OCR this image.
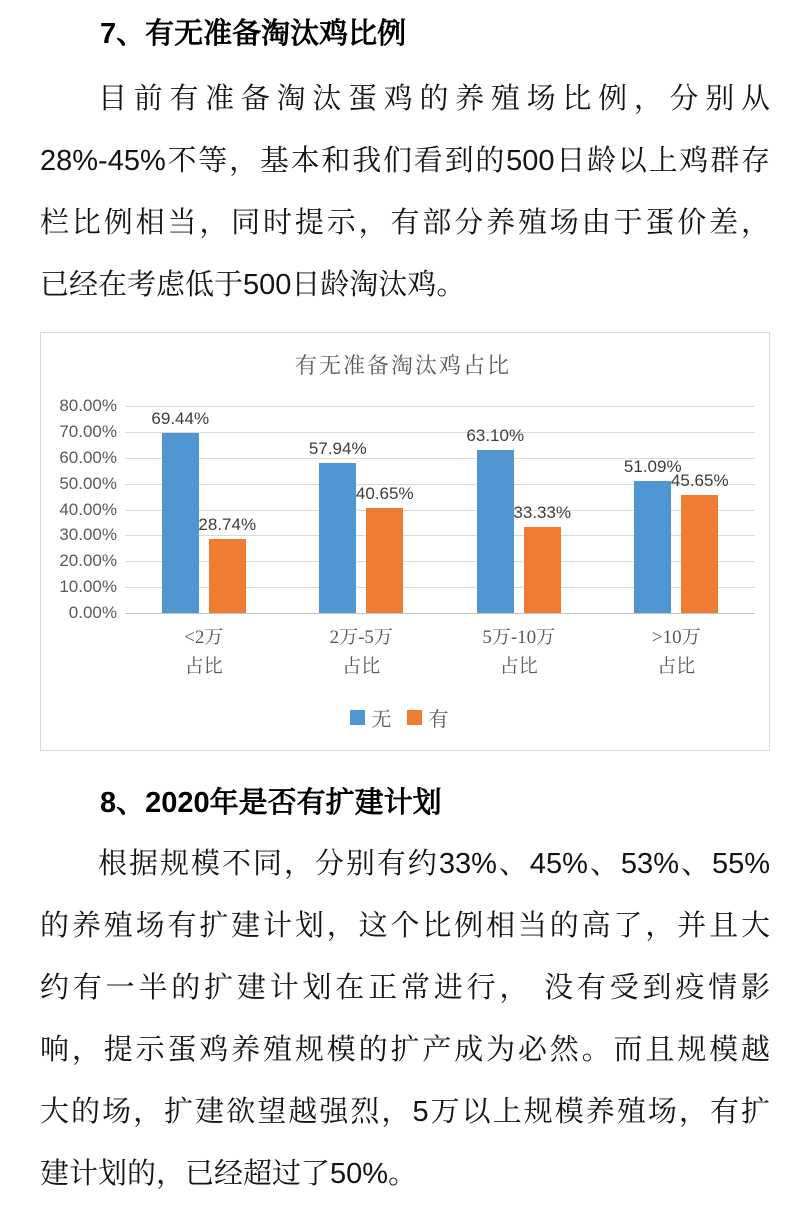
7、有无准备淘汰鸡比例
目前有准备淘汰蛋鸡的养殖场比例，分别从
28%-45%不等，基本和我们看到的500日龄以上鸡群存
栏比例相当，同时提示，有部分养殖场由于蛋价差，
已经在考虑低于500日龄淘汰鸡。
有无准备淘汰鸡占比
80.00%
70.00%
60.00%
50.00%
40.00%
30.00%
20.00%
10.00%
0.00%
69.44%
28.74%
57.94%
40.65%
63.10%
33.33%
51.09%
45.65%
<2万
占比
2万-5万
占比
5万-10万
占比
>10万
占比
无 有
8、2020年是否有扩建计划
根据规模不同，分别有约33%、45%、53%、55%
的养殖场有扩建计划，这个比例相当的高了，并且大
约有一半的扩建计划在正常进行， 没有受到疫情影
响，提示蛋鸡养殖规模的扩产成为必然。而且规模越
大的场，扩建欲望越强烈，5万以上规模养殖场，有扩
建计划的，已经超过了50%。
